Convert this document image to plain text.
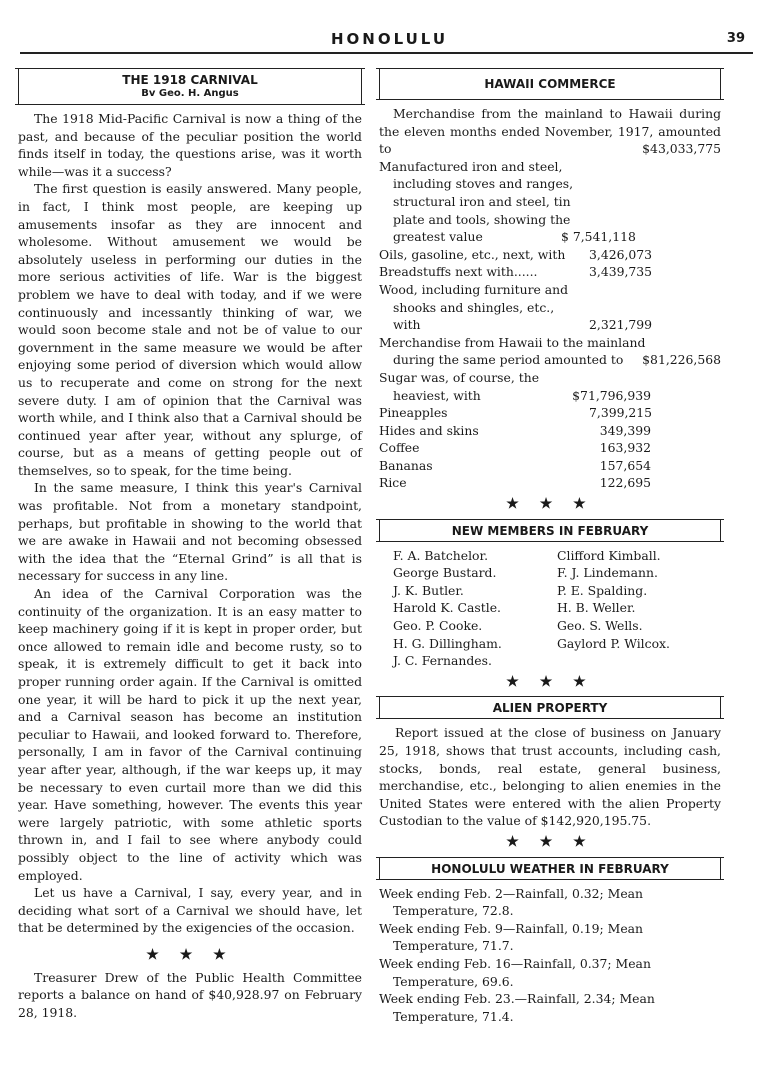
HONOLULU	39
THE 1918 CARNIVAL
Bv Geo. H. Angus

The 1918 Mid-Pacific Carnival is now a thing of the past, and because of the peculiar position the world finds itself in today, the questions arise, was it worth while—was it a success?

The first question is easily answered. Many people, in fact, I think most people, are keeping up amusements insofar as they are innocent and wholesome. Without amusement we would be absolutely useless in performing our duties in the more serious activities of life. War is the biggest problem we have to deal with today, and if we were continuously and incessantly thinking of war, we would soon become stale and not be of value to our government in the same measure we would be after enjoying some period of diversion which would allow us to recuperate and come on strong for the next severe duty. I am of opinion that the Carnival was worth while, and I think also that a Carnival should be continued year after year, without any splurge, of course, but as a means of getting people out of themselves, so to speak, for the time being.

In the same measure, I think this year's Carnival was profitable. Not from a monetary standpoint, perhaps, but profitable in showing to the world that we are awake in Hawaii and not becoming obsessed with the idea that the “Eternal Grind” is all that is necessary for success in any line.

An idea of the Carnival Corporation was the continuity of the organization. It is an easy matter to keep machinery going if it is kept in proper order, but once allowed to remain idle and become rusty, so to speak, it is extremely difficult to get it back into proper running order again. If the Carnival is omitted one year, it will be hard to pick it up the next year, and a Carnival season has become an institution peculiar to Hawaii, and looked forward to. Therefore, personally, I am in favor of the Carnival continuing year after year, although, if the war keeps up, it may be necessary to even curtail more than we did this year. Have something, however. The events this year were largely patriotic, with some athletic sports thrown in, and I fail to see where anybody could possibly object to the line of activity which was employed.

Let us have a Carnival, I say, every year, and in deciding what sort of a Carnival we should have, let that be determined by the exigencies of the occasion.

★ ★ ★

Treasurer Drew of the Public Health Committee reports a balance on hand of $40,928.97 on February 28, 1918.

HAWAII COMMERCE
Merchandise from the mainland to Hawaii during the eleven months ended November, 1917, amounted to	$43,033,775
Manufactured iron and steel, including stoves and ranges, structural iron and steel, tin plate and tools, showing the greatest value	$ 7,541,118
Oils, gasoline, etc., next, with	3,426,073
Breadstuffs next with......	3,439,735
Wood, including furniture and shooks and shingles, etc., with	2,321,799
Merchandise from Hawaii to the mainland during the same period amounted to	$81,226,568
Sugar was, of course, the heaviest, with	$71,796,939
Pineapples	7,399,215
Hides and skins	349,399
Coffee	163,932
Bananas	157,654
Rice	122,695
★ ★ ★
NEW MEMBERS IN FEBRUARY
F. A. Batchelor.	Clifford Kimball.
George Bustard.	F. J. Lindemann.
J. K. Butler.	P. E. Spalding.
Harold K. Castle.	H. B. Weller.
Geo. P. Cooke.	Geo. S. Wells.
H. G. Dillingham.	Gaylord P. Wilcox.
J. C. Fernandes.
★ ★ ★
ALIEN PROPERTY

Report issued at the close of business on January 25, 1918, shows that trust accounts, including cash, stocks, bonds, real estate, general business, merchandise, etc., belonging to alien enemies in the United States were entered with the alien Property Custodian to the value of $142,920,195.75.

★ ★ ★
HONOLULU WEATHER IN FEBRUARY
Week ending Feb. 2—Rainfall, 0.32; Mean Temperature, 72.8.
Week ending Feb. 9—Rainfall, 0.19; Mean Temperature, 71.7.
Week ending Feb. 16—Rainfall, 0.37; Mean Temperature, 69.6.
Week ending Feb. 23.—Rainfall, 2.34; Mean Temperature, 71.4.
